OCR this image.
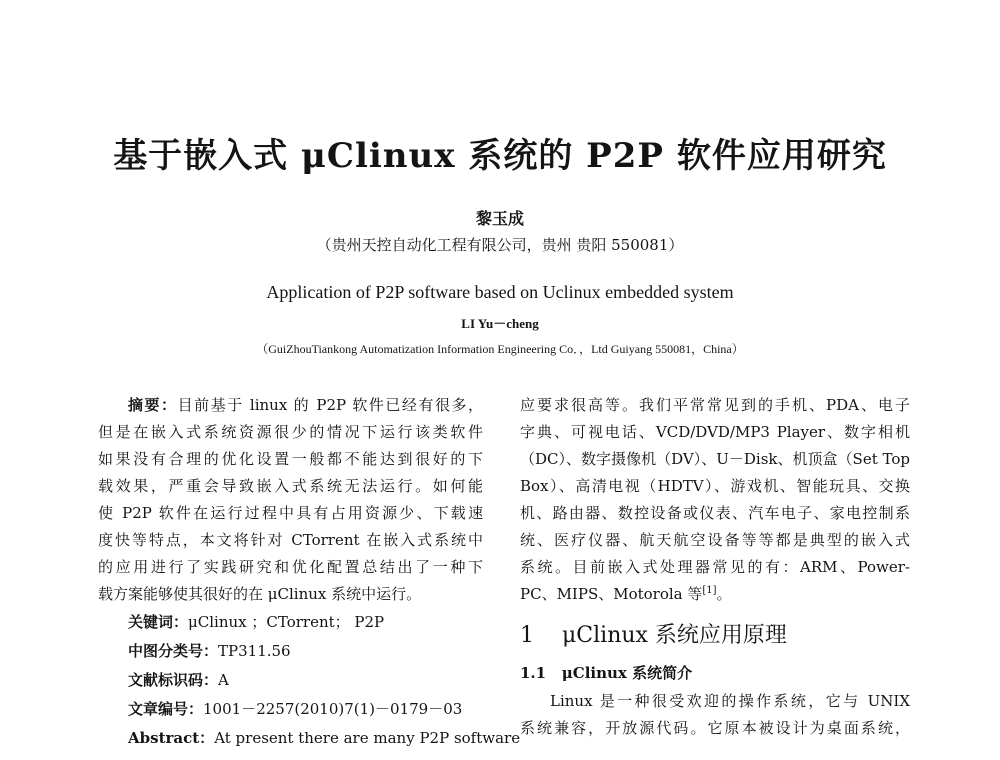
基于嵌入式 μClinux 系统的 P2P 软件应用研究
黎玉成
（贵州天控自动化工程有限公司，贵州 贵阳 550081）
Application of P2P software based on Uclinux embedded system
LI Yu－cheng
（GuiZhouTiankong Automatization Information Engineering Co．，Ltd Guiyang 550081，China）
摘要：目前基于 linux 的 P2P 软件已经有很多，
但是在嵌入式系统资源很少的情况下运行该类软件
如果没有合理的优化设置一般都不能达到很好的下
载效果，严重会导致嵌入式系统无法运行。如何能
使 P2P 软件在运行过程中具有占用资源少、下载速
度快等特点，本文将针对 CTorrent 在嵌入式系统中
的应用进行了实践研究和优化配置总结出了一种下
载方案能够使其很好的在 μClinux 系统中运行。
关键词：μClinux ；CTorrent； P2P
中图分类号：TP311.56
文献标识码：A
文章编号：1001－2257(2010)7(1)－0179－03
Abstract：At present there are many P2P software
应要求很高等。我们平常常见到的手机、PDA、电子
字典、可视电话、VCD/DVD/MP3 Player、数字相机
（DC）、数字摄像机（DV）、U－Disk、机顶盒（Set Top
Box）、高清电视（HDTV）、游戏机、智能玩具、交换
机、路由器、数控设备或仪表、汽车电子、家电控制系
统、医疗仪器、航天航空设备等等都是典型的嵌入式
系统。目前嵌入式处理器常见的有：ARM、Power-
PC、MIPS、Motorola 等[1]。
1 μClinux 系统应用原理
1.1 μClinux 系统简介
Linux 是一种很受欢迎的操作系统，它与 UNIX
系统兼容，开放源代码。它原本被设计为桌面系统，
